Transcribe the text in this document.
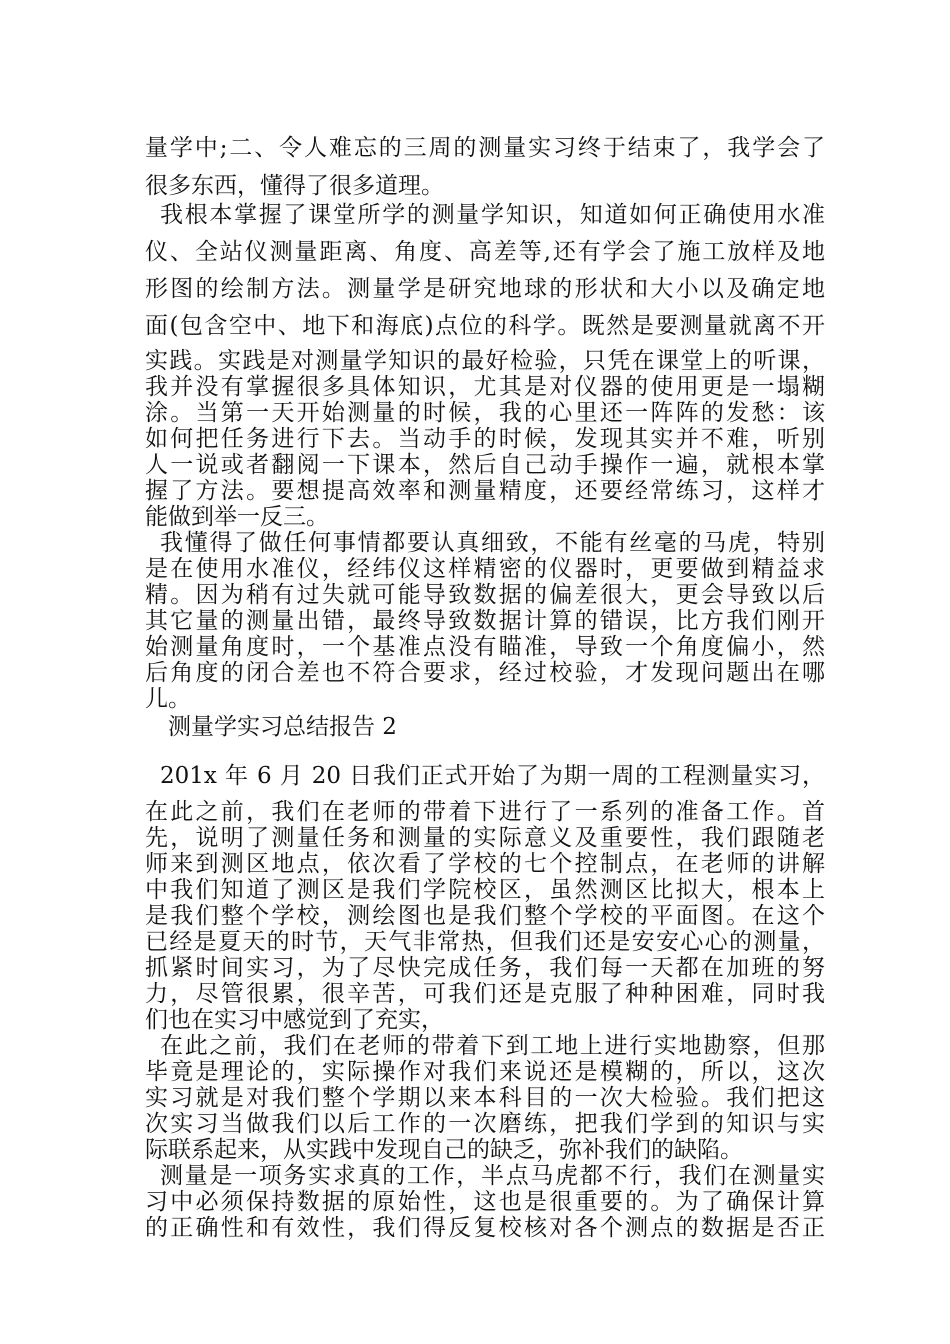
量学中;二、令人难忘的三周的测量实习终于结束了，我学会了
很多东西，懂得了很多道理。
我根本掌握了课堂所学的测量学知识，知道如何正确使用水准
仪、全站仪测量距离、角度、高差等,还有学会了施工放样及地
形图的绘制方法。测量学是研究地球的形状和大小以及确定地
面(包含空中、地下和海底)点位的科学。既然是要测量就离不开
实践。实践是对测量学知识的最好检验，只凭在课堂上的听课，
我并没有掌握很多具体知识，尤其是对仪器的使用更是一塌糊
涂。当第一天开始测量的时候，我的心里还一阵阵的发愁：该
如何把任务进行下去。当动手的时候，发现其实并不难，听别
人一说或者翻阅一下课本，然后自己动手操作一遍，就根本掌
握了方法。要想提高效率和测量精度，还要经常练习，这样才
能做到举一反三。
我懂得了做任何事情都要认真细致，不能有丝毫的马虎，特别
是在使用水准仪，经纬仪这样精密的仪器时，更要做到精益求
精。因为稍有过失就可能导致数据的偏差很大，更会导致以后
其它量的测量出错，最终导致数据计算的错误，比方我们刚开
始测量角度时，一个基准点没有瞄准，导致一个角度偏小，然
后角度的闭合差也不符合要求，经过校验，才发现问题出在哪
儿。
测量学实习总结报告 2
201x 年 6 月 20 日我们正式开始了为期一周的工程测量实习，
在此之前，我们在老师的带着下进行了一系列的准备工作。首
先，说明了测量任务和测量的实际意义及重要性，我们跟随老
师来到测区地点，依次看了学校的七个控制点，在老师的讲解
中我们知道了测区是我们学院校区，虽然测区比拟大，根本上
是我们整个学校，测绘图也是我们整个学校的平面图。在这个
已经是夏天的时节，天气非常热，但我们还是安安心心的测量，
抓紧时间实习，为了尽快完成任务，我们每一天都在加班的努
力，尽管很累，很辛苦，可我们还是克服了种种困难，同时我
们也在实习中感觉到了充实，
在此之前，我们在老师的带着下到工地上进行实地勘察，但那
毕竟是理论的，实际操作对我们来说还是模糊的，所以，这次
实习就是对我们整个学期以来本科目的一次大检验。我们把这
次实习当做我们以后工作的一次磨练，把我们学到的知识与实
际联系起来，从实践中发现自己的缺乏，弥补我们的缺陷。
测量是一项务实求真的工作，半点马虎都不行，我们在测量实
习中必须保持数据的原始性，这也是很重要的。为了确保计算
的正确性和有效性，我们得反复校核对各个测点的数据是否正
